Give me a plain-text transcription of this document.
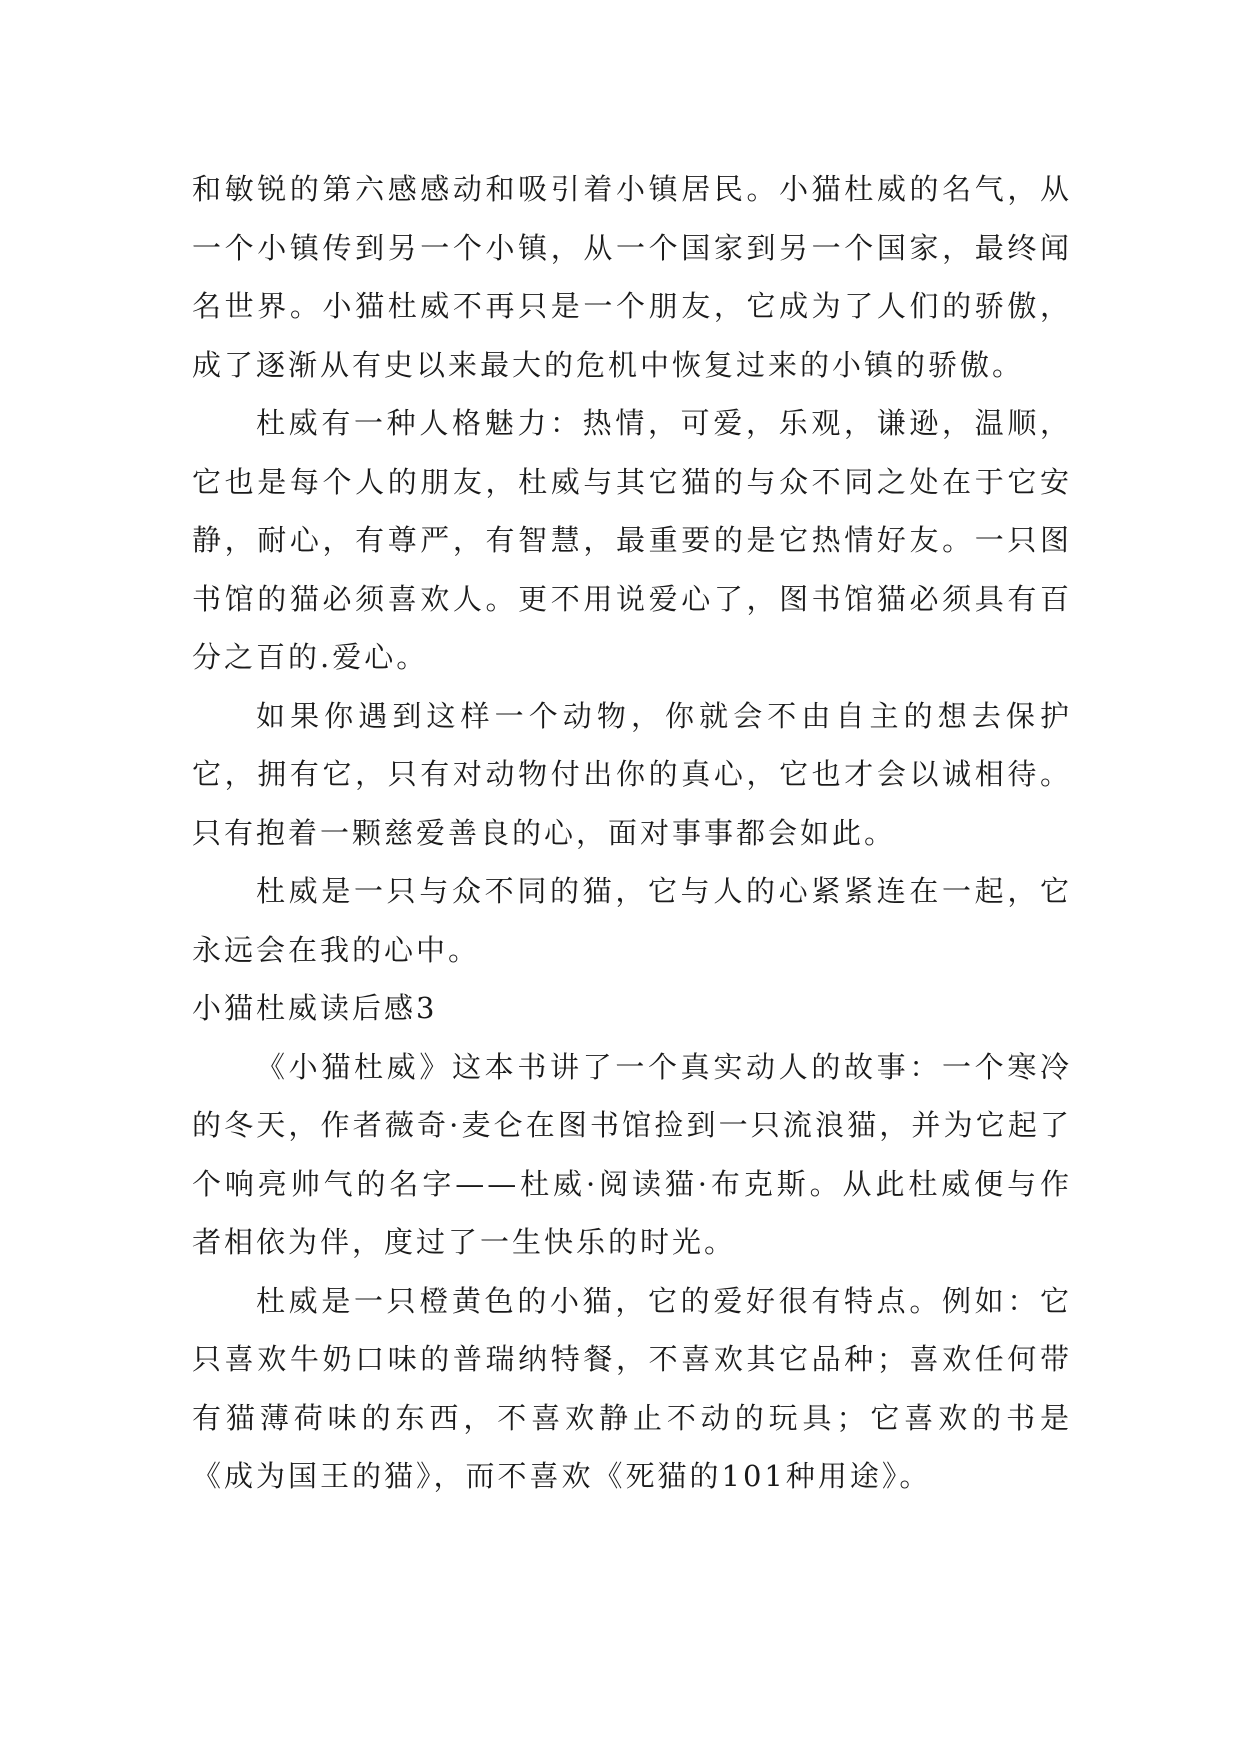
和敏锐的第六感感动和吸引着小镇居民。小猫杜威的名气，从一个小镇传到另一个小镇，从一个国家到另一个国家，最终闻名世界。小猫杜威不再只是一个朋友，它成为了人们的骄傲，成了逐渐从有史以来最大的危机中恢复过来的小镇的骄傲。

杜威有一种人格魅力：热情，可爱，乐观，谦逊，温顺，它也是每个人的朋友，杜威与其它猫的与众不同之处在于它安静，耐心，有尊严，有智慧，最重要的是它热情好友。一只图书馆的猫必须喜欢人。更不用说爱心了，图书馆猫必须具有百分之百的.爱心。

如果你遇到这样一个动物，你就会不由自主的想去保护它，拥有它，只有对动物付出你的真心，它也才会以诚相待。只有抱着一颗慈爱善良的心，面对事事都会如此。

杜威是一只与众不同的猫，它与人的心紧紧连在一起，它永远会在我的心中。

小猫杜威读后感3

《小猫杜威》这本书讲了一个真实动人的故事：一个寒冷的冬天，作者薇奇·麦仑在图书馆捡到一只流浪猫，并为它起了个响亮帅气的名字——杜威·阅读猫·布克斯。从此杜威便与作者相依为伴，度过了一生快乐的时光。

杜威是一只橙黄色的小猫，它的爱好很有特点。例如：它只喜欢牛奶口味的普瑞纳特餐，不喜欢其它品种；喜欢任何带有猫薄荷味的东西，不喜欢静止不动的玩具；它喜欢的书是《成为国王的猫》，而不喜欢《死猫的101种用途》。
